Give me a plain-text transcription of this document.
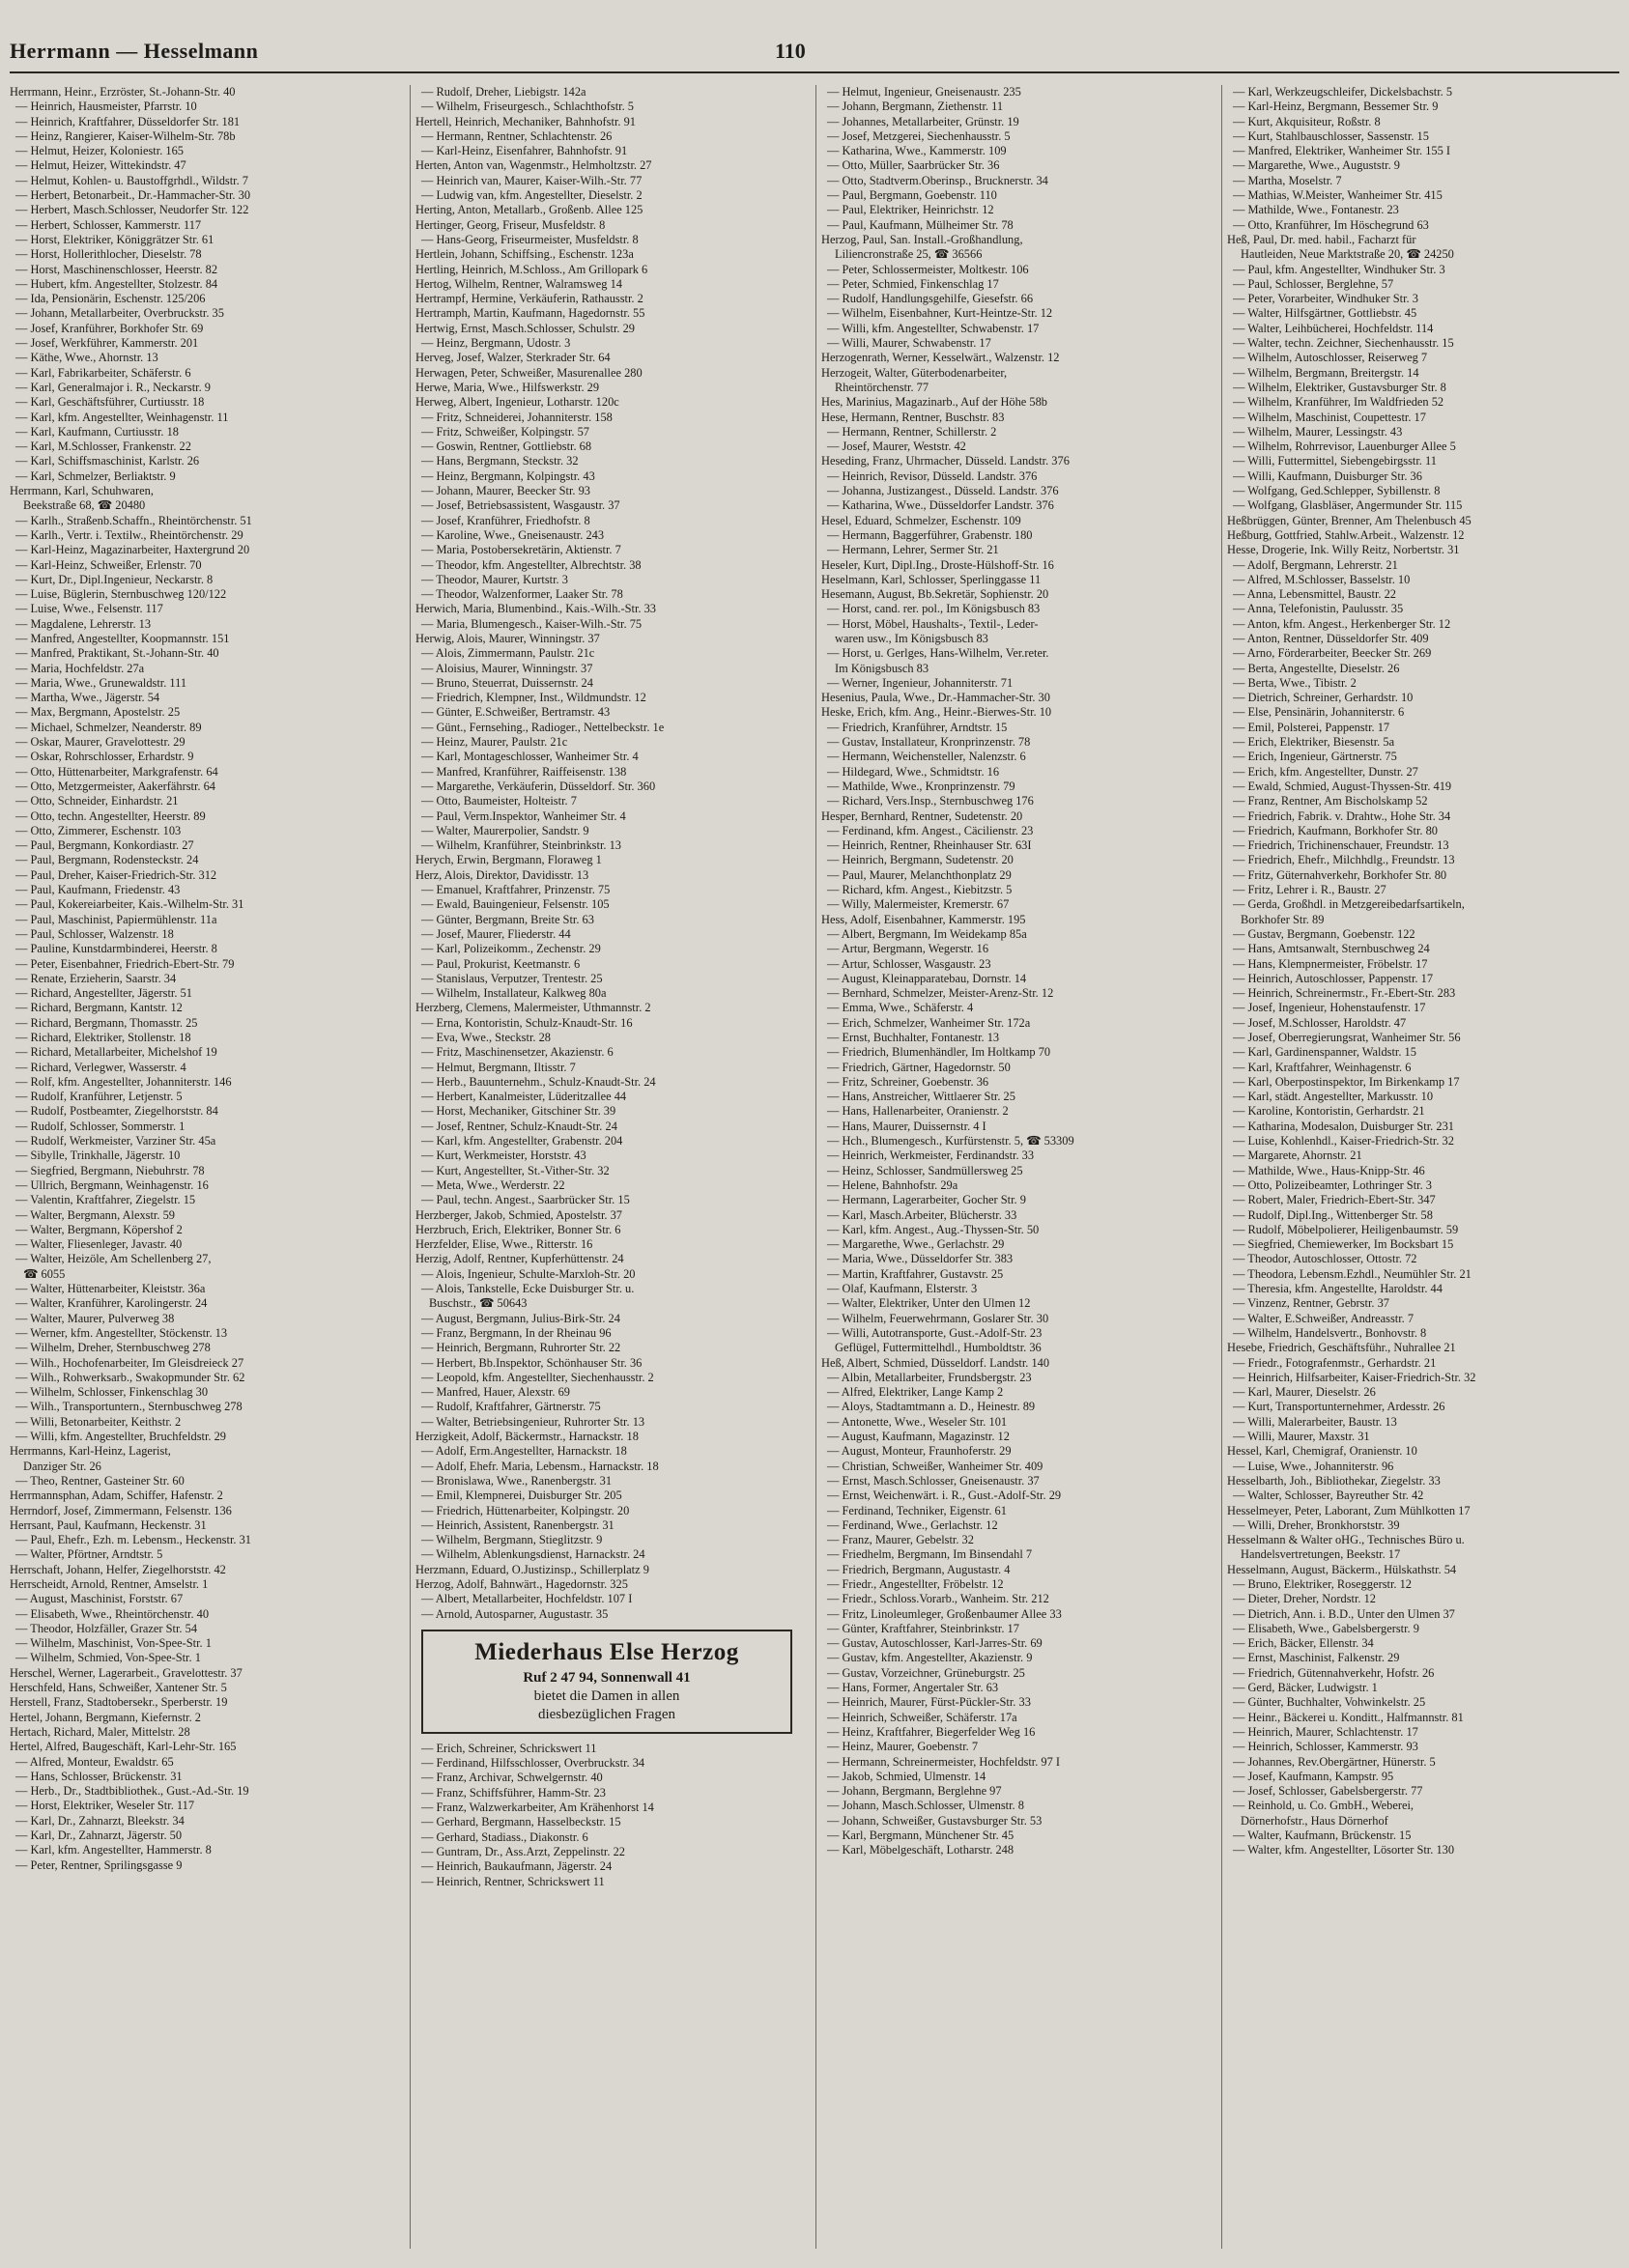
Herrmann — Hesselmann	110
Herrmann, Heinr., Erzröster, St.-Johann-Str. 40
— Heinrich, Hausmeister, Pfarrstr. 10
— Heinrich, Kraftfahrer, Düsseldorfer Str. 181
— Heinz, Rangierer, Kaiser-Wilhelm-Str. 78b
— Helmut, Heizer, Koloniestr. 165
— Helmut, Heizer, Wittekindstr. 47
— Helmut, Kohlen- u. Baustoffgrhdl., Wildstr. 7
— Herbert, Betonarbeit., Dr.-Hammacher-Str. 30
— Herbert, Masch.Schlosser, Neudorfer Str. 122
— Herbert, Schlosser, Kammerstr. 117
— Horst, Elektriker, Königgrätzer Str. 61
— Horst, Hollerithlocher, Dieselstr. 78
— Horst, Maschinenschlosser, Heerstr. 82
— Hubert, kfm. Angestellter, Stolzestr. 84
— Ida, Pensionärin, Eschenstr. 125/206
— Johann, Metallarbeiter, Overbruckstr. 35
— Josef, Kranführer, Borkhofer Str. 69
— Josef, Werkführer, Kammerstr. 201
— Käthe, Wwe., Ahornstr. 13
— Karl, Fabrikarbeiter, Schäferstr. 6
— Karl, Generalmajor i. R., Neckarstr. 9
— Karl, Geschäftsführer, Curtiusstr. 18
— Karl, kfm. Angestellter, Weinhagenstr. 11
— Karl, Kaufmann, Curtiusstr. 18
— Karl, M.Schlosser, Frankenstr. 22
— Karl, Schiffsmaschinist, Karlstr. 26
— Karl, Schmelzer, Berliaktstr. 9
Herrmann, Karl, Schuhwaren,
Beekstraße 68, ☎ 20480
— Karlh., Straßenb.Schaffn., Rheintörchenstr. 51
— Karlh., Vertr. i. Textilw., Rheintörchenstr. 29
— Karl-Heinz, Magazinarbeiter, Haxtergrund 20
— Karl-Heinz, Schweißer, Erlenstr. 70
— Kurt, Dr., Dipl.Ingenieur, Neckarstr. 8
— Luise, Büglerin, Sternbuschweg 120/122
— Luise, Wwe., Felsenstr. 117
— Magdalene, Lehrerstr. 13
— Manfred, Angestellter, Koopmannstr. 151
— Manfred, Praktikant, St.-Johann-Str. 40
— Maria, Hochfeldstr. 27a
— Maria, Wwe., Grunewaldstr. 111
— Martha, Wwe., Jägerstr. 54
— Max, Bergmann, Apostelstr. 25
— Michael, Schmelzer, Neanderstr. 89
— Oskar, Maurer, Gravelottestr. 29
— Oskar, Rohrschlosser, Erhardstr. 9
— Otto, Hüttenarbeiter, Markgrafenstr. 64
— Otto, Metzgermeister, Aakerfährstr. 64
— Otto, Schneider, Einhardstr. 21
— Otto, techn. Angestellter, Heerstr. 89
— Otto, Zimmerer, Eschenstr. 103
— Paul, Bergmann, Konkordiastr. 27
— Paul, Bergmann, Rodensteckstr. 24
— Paul, Dreher, Kaiser-Friedrich-Str. 312
— Paul, Kaufmann, Friedenstr. 43
— Paul, Kokereiarbeiter, Kais.-Wilhelm-Str. 31
— Paul, Maschinist, Papiermühlenstr. 11a
— Paul, Schlosser, Walzenstr. 18
— Pauline, Kunstdarmbinderei, Heerstr. 8
— Peter, Eisenbahner, Friedrich-Ebert-Str. 79
— Renate, Erzieherin, Saarstr. 34
— Richard, Angestellter, Jägerstr. 51
— Richard, Bergmann, Kantstr. 12
— Richard, Bergmann, Thomasstr. 25
— Richard, Elektriker, Stollenstr. 18
— Richard, Metallarbeiter, Michelshof 19
— Richard, Verlegwer, Wasserstr. 4
— Rolf, kfm. Angestellter, Johanniterstr. 146
— Rudolf, Kranführer, Letjenstr. 5
— Rudolf, Postbeamter, Ziegelhorststr. 84
— Rudolf, Schlosser, Sommerstr. 1
— Rudolf, Werkmeister, Varziner Str. 45a
— Sibylle, Trinkhalle, Jägerstr. 10
— Siegfried, Bergmann, Niebuhrstr. 78
— Ullrich, Bergmann, Weinhagenstr. 16
— Valentin, Kraftfahrer, Ziegelstr. 15
— Walter, Bergmann, Alexstr. 59
— Walter, Bergmann, Köpershof 2
— Walter, Fliesenleger, Javastr. 40
— Walter, Heizöle, Am Schellenberg 27,
☎ 6055
— Walter, Hüttenarbeiter, Kleiststr. 36a
— Walter, Kranführer, Karolingerstr. 24
— Walter, Maurer, Pulverweg 38
— Werner, kfm. Angestellter, Stöckenstr. 13
— Wilhelm, Dreher, Sternbuschweg 278
— Wilh., Hochofenarbeiter, Im Gleisdreieck 27
— Wilh., Rohwerksarb., Swakopmunder Str. 62
— Wilhelm, Schlosser, Finkenschlag 30
— Wilh., Transportuntern., Sternbuschweg 278
— Willi, Betonarbeiter, Keithstr. 2
— Willi, kfm. Angestellter, Bruchfeldstr. 29
Herrmanns, Karl-Heinz, Lagerist,
Danziger Str. 26
— Theo, Rentner, Gasteiner Str. 60
Herrmannsphan, Adam, Schiffer, Hafenstr. 2
Herrndorf, Josef, Zimmermann, Felsenstr. 136
Herrsant, Paul, Kaufmann, Heckenstr. 31
— Paul, Ehefr., Ezh. m. Lebensm., Heckenstr. 31
— Walter, Pförtner, Arndtstr. 5
Herrschaft, Johann, Helfer, Ziegelhorststr. 42
Herrscheidt, Arnold, Rentner, Amselstr. 1
— August, Maschinist, Forststr. 67
— Elisabeth, Wwe., Rheintörchenstr. 40
— Theodor, Holzfäller, Grazer Str. 54
— Wilhelm, Maschinist, Von-Spee-Str. 1
— Wilhelm, Schmied, Von-Spee-Str. 1
Herschel, Werner, Lagerarbeit., Gravelottestr. 37
Herschfeld, Hans, Schweißer, Xantener Str. 5
Herstell, Franz, Stadtobersekr., Sperberstr. 19
Hertel, Johann, Bergmann, Kiefernstr. 2
Hertach, Richard, Maler, Mittelstr. 28
Hertel, Alfred, Baugeschäft, Karl-Lehr-Str. 165
— Alfred, Monteur, Ewaldstr. 65
— Hans, Schlosser, Brückenstr. 31
— Herb., Dr., Stadtbibliothek., Gust.-Ad.-Str. 19
— Horst, Elektriker, Weseler Str. 117
— Karl, Dr., Zahnarzt, Bleekstr. 34
— Karl, Dr., Zahnarzt, Jägerstr. 50
— Karl, kfm. Angestellter, Hammerstr. 8
— Peter, Rentner, Sprilingsgasse 9
— Rudolf, Dreher, Liebigstr. 142a
— Wilhelm, Friseurgesch., Schlachthofstr. 5
Hertell, Heinrich, Mechaniker, Bahnhofstr. 91
— Hermann, Rentner, Schlachtenstr. 26
— Karl-Heinz, Eisenfahrer, Bahnhofstr. 91
Herten, Anton van, Wagenmstr., Helmholtzstr. 27
— Heinrich van, Maurer, Kaiser-Wilh.-Str. 77
— Ludwig van, kfm. Angestellter, Dieselstr. 2
Herting, Anton, Metallarb., Großenb. Allee 125
Hertinger, Georg, Friseur, Musfeldstr. 8
— Hans-Georg, Friseurmeister, Musfeldstr. 8
Hertlein, Johann, Schiffsing., Eschenstr. 123a
Hertling, Heinrich, M.Schloss., Am Grillopark 6
Hertog, Wilhelm, Rentner, Walramsweg 14
Hertrampf, Hermine, Verkäuferin, Rathausstr. 2
Hertramph, Martin, Kaufmann, Hagedornstr. 55
Hertwig, Ernst, Masch.Schlosser, Schulstr. 29
— Heinz, Bergmann, Udostr. 3
Herveg, Josef, Walzer, Sterkrader Str. 64
Herwagen, Peter, Schweißer, Masurenallee 280
Herwe, Maria, Wwe., Hilfswerkstr. 29
Herweg, Albert, Ingenieur, Lotharstr. 120c
— Fritz, Schneiderei, Johanniterstr. 158
— Fritz, Schweißer, Kolpingstr. 57
— Goswin, Rentner, Gottliebstr. 68
— Hans, Bergmann, Steckstr. 32
— Heinz, Bergmann, Kolpingstr. 43
— Johann, Maurer, Beecker Str. 93
— Josef, Betriebsassistent, Wasgaustr. 37
— Josef, Kranführer, Friedhofstr. 8
— Karoline, Wwe., Gneisenaustr. 243
— Maria, Postobersekretärin, Aktienstr. 7
— Theodor, kfm. Angestellter, Albrechtstr. 38
— Theodor, Maurer, Kurtstr. 3
— Theodor, Walzenformer, Laaker Str. 78
Herwich, Maria, Blumenbind., Kais.-Wilh.-Str. 33
— Maria, Blumengesch., Kaiser-Wilh.-Str. 75
Herwig, Alois, Maurer, Winningstr. 37
— Alois, Zimmermann, Paulstr. 21c
— Aloisius, Maurer, Winningstr. 37
— Bruno, Steuerrat, Duissernstr. 24
— Friedrich, Klempner, Inst., Wildmundstr. 12
— Günter, E.Schweißer, Bertramstr. 43
— Günt., Fernsehing., Radioger., Nettelbeckstr. 1e
— Heinz, Maurer, Paulstr. 21c
— Karl, Montageschlosser, Wanheimer Str. 4
— Manfred, Kranführer, Raiffeisenstr. 138
— Margarethe, Verkäuferin, Düsseldorf. Str. 360
— Otto, Baumeister, Holteistr. 7
— Paul, Verm.Inspektor, Wanheimer Str. 4
— Walter, Maurerpolier, Sandstr. 9
— Wilhelm, Kranführer, Steinbrinkstr. 13
Herych, Erwin, Bergmann, Floraweg 1
Herz, Alois, Direktor, Davidisstr. 13
— Emanuel, Kraftfahrer, Prinzenstr. 75
— Ewald, Bauingenieur, Felsenstr. 105
— Günter, Bergmann, Breite Str. 63
— Josef, Maurer, Fliederstr. 44
— Karl, Polizeikomm., Zechenstr. 29
— Paul, Prokurist, Keetmanstr. 6
— Stanislaus, Verputzer, Trentestr. 25
— Wilhelm, Installateur, Kalkweg 80a
Herzberg, Clemens, Malermeister, Uthmannstr. 2
— Erna, Kontoristin, Schulz-Knaudt-Str. 16
— Eva, Wwe., Steckstr. 28
— Fritz, Maschinensetzer, Akazienstr. 6
— Helmut, Bergmann, Iltisstr. 7
— Herb., Bauunternehm., Schulz-Knaudt-Str. 24
— Herbert, Kanalmeister, Lüderitzallee 44
— Horst, Mechaniker, Gitschiner Str. 39
— Josef, Rentner, Schulz-Knaudt-Str. 24
— Karl, kfm. Angestellter, Grabenstr. 204
— Kurt, Werkmeister, Horststr. 43
— Kurt, Angestellter, St.-Vither-Str. 32
— Meta, Wwe., Werderstr. 22
— Paul, techn. Angest., Saarbrücker Str. 15
Herzberger, Jakob, Schmied, Apostelstr. 37
Herzbruch, Erich, Elektriker, Bonner Str. 6
Herzfelder, Elise, Wwe., Ritterstr. 16
Herzig, Adolf, Rentner, Kupferhüttenstr. 24
— Alois, Ingenieur, Schulte-Marxloh-Str. 20
— Alois, Tankstelle, Ecke Duisburger Str. u.
Buschstr., ☎ 50643
— August, Bergmann, Julius-Birk-Str. 24
— Franz, Bergmann, In der Rheinau 96
— Heinrich, Bergmann, Ruhrorter Str. 22
— Herbert, Bb.Inspektor, Schönhauser Str. 36
— Leopold, kfm. Angestellter, Siechenhausstr. 2
— Manfred, Hauer, Alexstr. 69
— Rudolf, Kraftfahrer, Gärtnerstr. 75
— Walter, Betriebsingenieur, Ruhrorter Str. 13
Herzigkeit, Adolf, Bäckermstr., Harnackstr. 18
— Adolf, Erm.Angestellter, Harnackstr. 18
— Adolf, Ehefr. Maria, Lebensm., Harnackstr. 18
— Bronislawa, Wwe., Ranenbergstr. 31
— Emil, Klempnerei, Duisburger Str. 205
— Friedrich, Hüttenarbeiter, Kolpingstr. 20
— Heinrich, Assistent, Ranenbergstr. 31
— Wilhelm, Bergmann, Stieglitzstr. 9
— Wilhelm, Ablenkungsdienst, Harnackstr. 24
Herzmann, Eduard, O.Justizinsp., Schillerplatz 9
Herzog, Adolf, Bahnwärt., Hagedornstr. 325
— Albert, Metallarbeiter, Hochfeldstr. 107 I
— Arnold, Autosparner, Augustastr. 35
Miederhaus Else Herzog
Ruf 2 47 94, Sonnenwall 41
bietet die Damen in allen
diesbezüglichen Fragen
— Erich, Schreiner, Schrickswert 11
— Ferdinand, Hilfsschlosser, Overbruckstr. 34
— Franz, Archivar, Schwelgernstr. 40
— Franz, Schiffsführer, Hamm-Str. 23
— Franz, Walzwerkarbeiter, Am Krähenhorst 14
— Gerhard, Bergmann, Hasselbeckstr. 15
— Gerhard, Stadiass., Diakonstr. 6
— Guntram, Dr., Ass.Arzt, Zeppelinstr. 22
— Heinrich, Baukaufmann, Jägerstr. 24
— Heinrich, Rentner, Schrickswert 11
— Helmut, Ingenieur, Gneisenaustr. 235
— Johann, Bergmann, Ziethenstr. 11
— Johannes, Metallarbeiter, Grünstr. 19
— Josef, Metzgerei, Siechenhausstr. 5
— Katharina, Wwe., Kammerstr. 109
— Otto, Müller, Saarbrücker Str. 36
— Otto, Stadtverm.Oberinsp., Brucknerstr. 34
— Paul, Bergmann, Goebenstr. 110
— Paul, Elektriker, Heinrichstr. 12
— Paul, Kaufmann, Mülheimer Str. 78
Herzog, Paul, San. Install.-Großhandlung,
Liliencronstraße 25, ☎ 36566
— Peter, Schlossermeister, Moltkestr. 106
— Peter, Schmied, Finkenschlag 17
— Rudolf, Handlungsgehilfe, Giesefstr. 66
— Wilhelm, Eisenbahner, Kurt-Heintze-Str. 12
— Willi, kfm. Angestellter, Schwabenstr. 17
— Willi, Maurer, Schwabenstr. 17
Herzogenrath, Werner, Kesselwärt., Walzenstr. 12
Herzogeit, Walter, Güterbodenarbeiter,
Rheintörchenstr. 77
Hes, Marinius, Magazinarb., Auf der Höhe 58b
Hese, Hermann, Rentner, Buschstr. 83
— Hermann, Rentner, Schillerstr. 2
— Josef, Maurer, Weststr. 42
Heseding, Franz, Uhrmacher, Düsseld. Landstr. 376
— Heinrich, Revisor, Düsseld. Landstr. 376
— Johanna, Justizangest., Düsseld. Landstr. 376
— Katharina, Wwe., Düsseldorfer Landstr. 376
Hesel, Eduard, Schmelzer, Eschenstr. 109
— Hermann, Baggerführer, Grabenstr. 180
— Hermann, Lehrer, Sermer Str. 21
Heseler, Kurt, Dipl.Ing., Droste-Hülshoff-Str. 16
Heselmann, Karl, Schlosser, Sperlinggasse 11
Hesemann, August, Bb.Sekretär, Sophienstr. 20
— Horst, cand. rer. pol., Im Königsbusch 83
— Horst, Möbel, Haushalts-, Textil-, Leder-
waren usw., Im Königsbusch 83
— Horst, u. Gerlges, Hans-Wilhelm, Ver.reter.
Im Königsbusch 83
— Werner, Ingenieur, Johanniterstr. 71
Hesenius, Paula, Wwe., Dr.-Hammacher-Str. 30
Heske, Erich, kfm. Ang., Heinr.-Bierwes-Str. 10
— Friedrich, Kranführer, Arndtstr. 15
— Gustav, Installateur, Kronprinzenstr. 78
— Hermann, Weichensteller, Nalenzstr. 6
— Hildegard, Wwe., Schmidtstr. 16
— Mathilde, Wwe., Kronprinzenstr. 79
— Richard, Vers.Insp., Sternbuschweg 176
Hesper, Bernhard, Rentner, Sudetenstr. 20
— Ferdinand, kfm. Angest., Cäcilienstr. 23
— Heinrich, Rentner, Rheinhauser Str. 63I
— Heinrich, Bergmann, Sudetenstr. 20
— Paul, Maurer, Melanchthonplatz 29
— Richard, kfm. Angest., Kiebitzstr. 5
— Willy, Malermeister, Kremerstr. 67
Hess, Adolf, Eisenbahner, Kammerstr. 195
— Albert, Bergmann, Im Weidekamp 85a
— Artur, Bergmann, Wegerstr. 16
— Artur, Schlosser, Wasgaustr. 23
— August, Kleinapparatebau, Dornstr. 14
— Bernhard, Schmelzer, Meister-Arenz-Str. 12
— Emma, Wwe., Schäferstr. 4
— Erich, Schmelzer, Wanheimer Str. 172a
— Ernst, Buchhalter, Fontanestr. 13
— Friedrich, Blumenhändler, Im Holtkamp 70
— Friedrich, Gärtner, Hagedornstr. 50
— Fritz, Schreiner, Goebenstr. 36
— Hans, Anstreicher, Wittlaerer Str. 25
— Hans, Hallenarbeiter, Oranienstr. 2
— Hans, Maurer, Duissernstr. 4 I
— Hch., Blumengesch., Kurfürstenstr. 5, ☎ 53309
— Heinrich, Werkmeister, Ferdinandstr. 33
— Heinz, Schlosser, Sandmüllersweg 25
— Helene, Bahnhofstr. 29a
— Hermann, Lagerarbeiter, Gocher Str. 9
— Karl, Masch.Arbeiter, Blücherstr. 33
— Karl, kfm. Angest., Aug.-Thyssen-Str. 50
— Margarethe, Wwe., Gerlachstr. 29
— Maria, Wwe., Düsseldorfer Str. 383
— Martin, Kraftfahrer, Gustavstr. 25
— Olaf, Kaufmann, Elsterstr. 3
— Walter, Elektriker, Unter den Ulmen 12
— Wilhelm, Feuerwehrmann, Goslarer Str. 30
— Willi, Autotransporte, Gust.-Adolf-Str. 23
Geflügel, Futtermittelhdl., Humboldtstr. 36
Heß, Albert, Schmied, Düsseldorf. Landstr. 140
— Albin, Metallarbeiter, Frundsbergstr. 23
— Alfred, Elektriker, Lange Kamp 2
— Aloys, Stadtamtmann a. D., Heinestr. 89
— Antonette, Wwe., Weseler Str. 101
— August, Kaufmann, Magazinstr. 12
— August, Monteur, Fraunhoferstr. 29
— Christian, Schweißer, Wanheimer Str. 409
— Ernst, Masch.Schlosser, Gneisenaustr. 37
— Ernst, Weichenwärt. i. R., Gust.-Adolf-Str. 29
— Ferdinand, Techniker, Eigenstr. 61
— Ferdinand, Wwe., Gerlachstr. 12
— Franz, Maurer, Gebelstr. 32
— Friedhelm, Bergmann, Im Binsendahl 7
— Friedrich, Bergmann, Augustastr. 4
— Friedr., Angestellter, Fröbelstr. 12
— Friedr., Schloss.Vorarb., Wanheim. Str. 212
— Fritz, Linoleumleger, Großenbaumer Allee 33
— Günter, Kraftfahrer, Steinbrinkstr. 17
— Gustav, Autoschlosser, Karl-Jarres-Str. 69
— Gustav, kfm. Angestellter, Akazienstr. 9
— Gustav, Vorzeichner, Grüneburgstr. 25
— Hans, Former, Angertaler Str. 63
— Heinrich, Maurer, Fürst-Pückler-Str. 33
— Heinrich, Schweißer, Schäferstr. 17a
— Heinz, Kraftfahrer, Biegerfelder Weg 16
— Heinz, Maurer, Goebenstr. 7
— Hermann, Schreinermeister, Hochfeldstr. 97 I
— Jakob, Schmied, Ulmenstr. 14
— Johann, Bergmann, Berglehne 97
— Johann, Masch.Schlosser, Ulmenstr. 8
— Johann, Schweißer, Gustavsburger Str. 53
— Karl, Bergmann, Münchener Str. 45
— Karl, Möbelgeschäft, Lotharstr. 248
— Karl, Werkzeugschleifer, Dickelsbachstr. 5
— Karl-Heinz, Bergmann, Bessemer Str. 9
— Kurt, Akquisiteur, Roßstr. 8
— Kurt, Stahlbauschlosser, Sassenstr. 15
— Manfred, Elektriker, Wanheimer Str. 155 I
— Margarethe, Wwe., Auguststr. 9
— Martha, Moselstr. 7
— Mathias, W.Meister, Wanheimer Str. 415
— Mathilde, Wwe., Fontanestr. 23
— Otto, Kranführer, Im Höschegrund 63
Heß, Paul, Dr. med. habil., Facharzt für
Hautleiden, Neue Marktstraße 20, ☎ 24250
— Paul, kfm. Angestellter, Windhuker Str. 3
— Paul, Schlosser, Berglehne, 57
— Peter, Vorarbeiter, Windhuker Str. 3
— Walter, Hilfsgärtner, Gottliebstr. 45
— Walter, Leihbücherei, Hochfeldstr. 114
— Walter, techn. Zeichner, Siechenhausstr. 15
— Wilhelm, Autoschlosser, Reiserweg 7
— Wilhelm, Bergmann, Breitergstr. 14
— Wilhelm, Elektriker, Gustavsburger Str. 8
— Wilhelm, Kranführer, Im Waldfrieden 52
— Wilhelm, Maschinist, Coupettestr. 17
— Wilhelm, Maurer, Lessingstr. 43
— Wilhelm, Rohrrevisor, Lauenburger Allee 5
— Willi, Futtermittel, Siebengebirgsstr. 11
— Willi, Kaufmann, Duisburger Str. 36
— Wolfgang, Ged.Schlepper, Sybillenstr. 8
— Wolfgang, Glasbläser, Angermunder Str. 115
Heßbrüggen, Günter, Brenner, Am Thelenbusch 45
Heßburg, Gottfried, Stahlw.Arbeit., Walzenstr. 12
Hesse, Drogerie, Ink. Willy Reitz, Norbertstr. 31
— Adolf, Bergmann, Lehrerstr. 21
— Alfred, M.Schlosser, Basselstr. 10
— Anna, Lebensmittel, Baustr. 22
— Anna, Telefonistin, Paulusstr. 35
— Anton, kfm. Angest., Herkenberger Str. 12
— Anton, Rentner, Düsseldorfer Str. 409
— Arno, Förderarbeiter, Beecker Str. 269
— Berta, Angestellte, Dieselstr. 26
— Berta, Wwe., Tibistr. 2
— Dietrich, Schreiner, Gerhardstr. 10
— Else, Pensinärin, Johanniterstr. 6
— Emil, Polsterei, Pappenstr. 17
— Erich, Elektriker, Biesenstr. 5a
— Erich, Ingenieur, Gärtnerstr. 75
— Erich, kfm. Angestellter, Dunstr. 27
— Ewald, Schmied, August-Thyssen-Str. 419
— Franz, Rentner, Am Bischolskamp 52
— Friedrich, Fabrik. v. Drahtw., Hohe Str. 34
— Friedrich, Kaufmann, Borkhofer Str. 80
— Friedrich, Trichinenschauer, Freundstr. 13
— Friedrich, Ehefr., Milchhdlg., Freundstr. 13
— Fritz, Güternahverkehr, Borkhofer Str. 80
— Fritz, Lehrer i. R., Baustr. 27
— Gerda, Großhdl. in Metzgereibedarfsartikeln,
Borkhofer Str. 89
— Gustav, Bergmann, Goebenstr. 122
— Hans, Amtsanwalt, Sternbuschweg 24
— Hans, Klempnermeister, Fröbelstr. 17
— Heinrich, Autoschlosser, Pappenstr. 17
— Heinrich, Schreinermstr., Fr.-Ebert-Str. 283
— Josef, Ingenieur, Hohenstaufenstr. 17
— Josef, M.Schlosser, Haroldstr. 47
— Josef, Oberregierungsrat, Wanheimer Str. 56
— Karl, Gardinenspanner, Waldstr. 15
— Karl, Kraftfahrer, Weinhagenstr. 6
— Karl, Oberpostinspektor, Im Birkenkamp 17
— Karl, städt. Angestellter, Markusstr. 10
— Karoline, Kontoristin, Gerhardstr. 21
— Katharina, Modesalon, Duisburger Str. 231
— Luise, Kohlenhdl., Kaiser-Friedrich-Str. 32
— Margarete, Ahornstr. 21
— Mathilde, Wwe., Haus-Knipp-Str. 46
— Otto, Polizeibeamter, Lothringer Str. 3
— Robert, Maler, Friedrich-Ebert-Str. 347
— Rudolf, Dipl.Ing., Wittenberger Str. 58
— Rudolf, Möbelpolierer, Heiligenbaumstr. 59
— Siegfried, Chemiewerker, Im Bocksbart 15
— Theodor, Autoschlosser, Ottostr. 72
— Theodora, Lebensm.Ezhdl., Neumühler Str. 21
— Theresia, kfm. Angestellte, Haroldstr. 44
— Vinzenz, Rentner, Gebrstr. 37
— Walter, E.Schweißer, Andreasstr. 7
— Wilhelm, Handelsvertr., Bonhovstr. 8
Hesebe, Friedrich, Geschäftsführ., Nuhrallee 21
— Friedr., Fotografenmstr., Gerhardstr. 21
— Heinrich, Hilfsarbeiter, Kaiser-Friedrich-Str. 32
— Karl, Maurer, Dieselstr. 26
— Kurt, Transportunternehmer, Ardesstr. 26
— Willi, Malerarbeiter, Baustr. 13
— Willi, Maurer, Maxstr. 31
Hessel, Karl, Chemigraf, Oranienstr. 10
— Luise, Wwe., Johanniterstr. 96
Hesselbarth, Joh., Bibliothekar, Ziegelstr. 33
— Walter, Schlosser, Bayreuther Str. 42
Hesselmeyer, Peter, Laborant, Zum Mühlkotten 17
— Willi, Dreher, Bronkhorststr. 39
Hesselmann & Walter oHG., Technisches Büro u.
Handelsvertretungen, Beekstr. 17
Hesselmann, August, Bäckerm., Hülskathstr. 54
— Bruno, Elektriker, Roseggerstr. 12
— Dieter, Dreher, Nordstr. 12
— Dietrich, Ann. i. B.D., Unter den Ulmen 37
— Elisabeth, Wwe., Gabelsbergerstr. 9
— Erich, Bäcker, Ellenstr. 34
— Ernst, Maschinist, Falkenstr. 29
— Friedrich, Gütennahverkehr, Hofstr. 26
— Gerd, Bäcker, Ludwigstr. 1
— Günter, Buchhalter, Vohwinkelstr. 25
— Heinr., Bäckerei u. Konditt., Halfmannstr. 81
— Heinrich, Maurer, Schlachtenstr. 17
— Heinrich, Schlosser, Kammerstr. 93
— Johannes, Rev.Obergärtner, Hünerstr. 5
— Josef, Kaufmann, Kampstr. 95
— Josef, Schlosser, Gabelsbergerstr. 77
— Reinhold, u. Co. GmbH., Weberei,
Dörnerhofstr., Haus Dörnerhof
— Walter, Kaufmann, Brückenstr. 15
— Walter, kfm. Angestellter, Lösorter Str. 130
